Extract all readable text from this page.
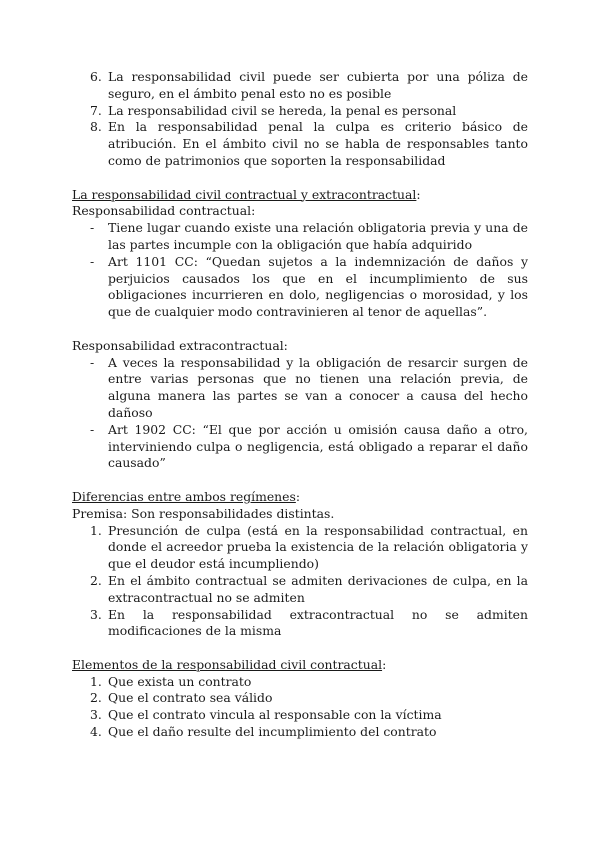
6. La responsabilidad civil puede ser cubierta por una póliza de seguro, en el ámbito penal esto no es posible
7. La responsabilidad civil se hereda, la penal es personal
8. En la responsabilidad penal la culpa es criterio básico de atribución. En el ámbito civil no se habla de responsables tanto como de patrimonios que soporten la responsabilidad
La responsabilidad civil contractual y extracontractual:
Responsabilidad contractual:
- Tiene lugar cuando existe una relación obligatoria previa y una de las partes incumple con la obligación que había adquirido
- Art 1101 CC: “Quedan sujetos a la indemnización de daños y perjuicios causados los que en el incumplimiento de sus obligaciones incurrieren en dolo, negligencias o morosidad, y los que de cualquier modo contravinieren al tenor de aquellas”.
Responsabilidad extracontractual:
- A veces la responsabilidad y la obligación de resarcir surgen de entre varias personas que no tienen una relación previa, de alguna manera las partes se van a conocer a causa del hecho dañoso
- Art 1902 CC: “El que por acción u omisión causa daño a otro, interviniendo culpa o negligencia, está obligado a reparar el daño causado”
Diferencias entre ambos regímenes:
Premisa: Son responsabilidades distintas.
1. Presunción de culpa (está en la responsabilidad contractual, en donde el acreedor prueba la existencia de la relación obligatoria y que el deudor está incumpliendo)
2. En el ámbito contractual se admiten derivaciones de culpa, en la extracontractual no se admiten
3. En la responsabilidad extracontractual no se admiten modificaciones de la misma
Elementos de la responsabilidad civil contractual:
1. Que exista un contrato
2. Que el contrato sea válido
3. Que el contrato vincula al responsable con la víctima
4. Que el daño resulte del incumplimiento del contrato
